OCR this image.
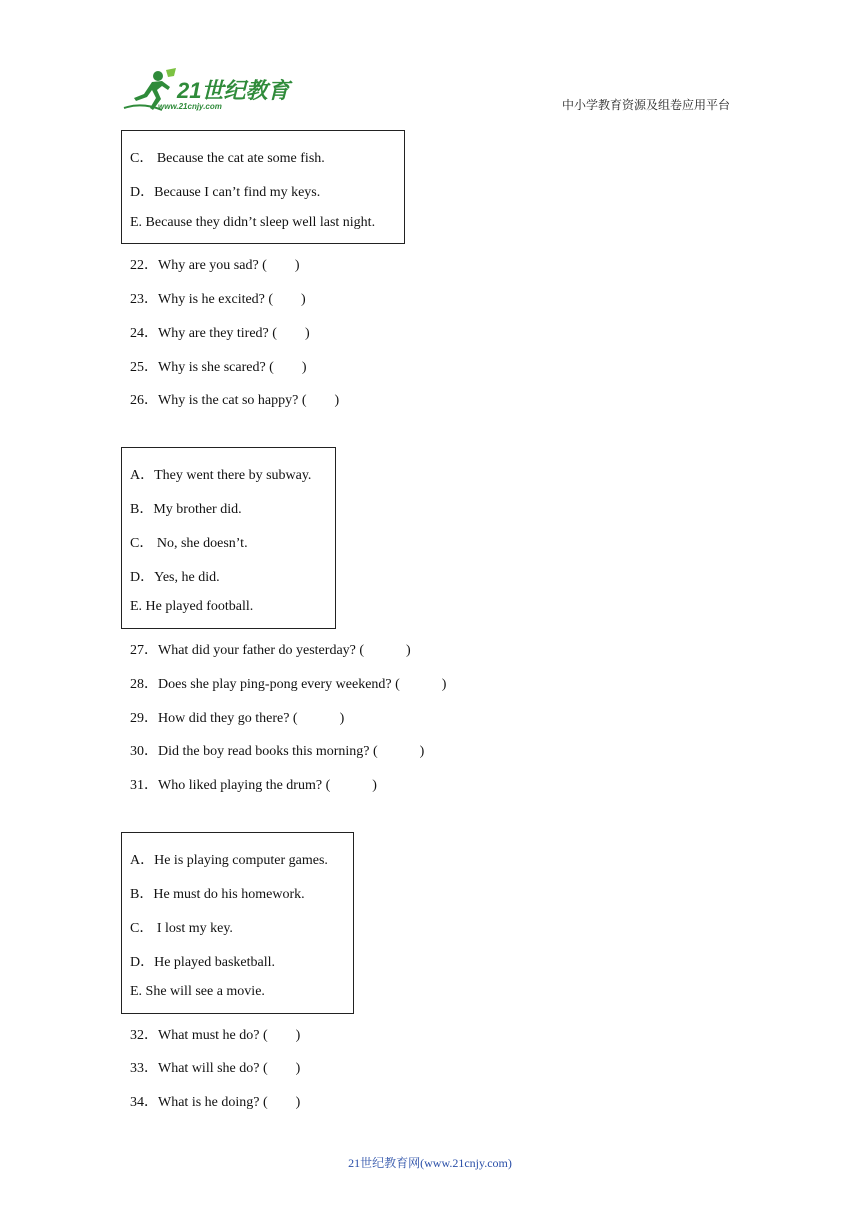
21世纪教育
www.21cnjy.com	中小学教育资源及组卷应用平台
C． Because the cat ate some fish.
D．Because I can’t find my keys.
E. Because they didn’t sleep well last night.
22．Why are you sad? (　　)
23．Why is he excited? (　　)
24．Why are they tired? (　　)
25．Why is she scared? (　　)
26．Why is the cat so happy? (　　)
A．They went there by subway.
B．My brother did.
C． No, she doesn’t.
D．Yes, he did.
E. He played football.
27．What did your father do yesterday? (　　　)
28．Does she play ping-pong every weekend? (　　　)
29．How did they go there? (　　　)
30．Did the boy read books this morning? (　　　)
31．Who liked playing the drum? (　　　)
A．He is playing computer games.
B．He must do his homework.
C． I lost my key.
D．He played basketball.
E. She will see a movie.
32．What must he do? (　　)
33．What will she do? (　　)
34．What is he doing? (　　)
21世纪教育网(www.21cnjy.com)
